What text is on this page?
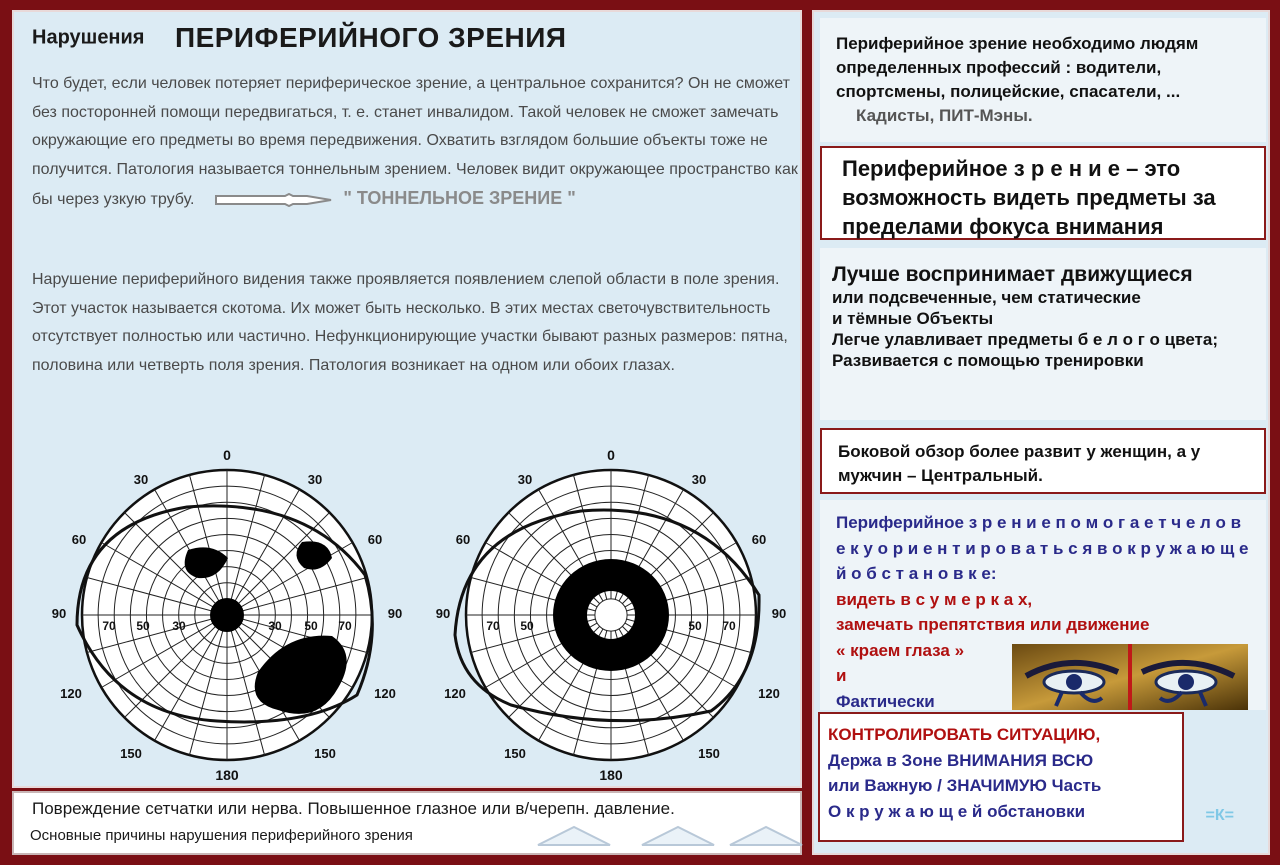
Нарушения ПЕРИФЕРИЙНОГО ЗРЕНИЯ
Что будет, если человек потеряет периферическое зрение, а центральное сохранится? Он не сможет без посторонней помощи передвигаться, т. е. станет инвалидом. Такой человек не сможет замечать окружающие его предметы во время передвижения. Охватить взглядом большие объекты тоже не получится. Патология называется тоннельным зрением. Человек видит окружающее пространство как бы через узкую трубу.	" ТОННЕЛЬНОЕ ЗРЕНИЕ "
Нарушение периферийного видения также проявляется появлением слепой области в поле зрения. Этот участок называется скотома. Их может быть несколько. В этих местах светочувствительность отсутствует полностью или частично. Нефункционирующие участки бывают разных размеров: пятна, половина или четверть поля зрения. Патология возникает на одном или обоих глазах.
0
30	30
60	60
90	90
120	120
150	150
180
30	30
50	50
70	70
0
30	30
60	60
90	90
120	120
150	150
180
50	50
70	70
Повреждение сетчатки или нерва. Повышенное глазное или в/черепн. давление.
Основные причины нарушения периферийного зрения
Периферийное зрение необходимо людям определенных профессий : водители, спортсмены, полицейские, спасатели, ... Кадисты, ПИТ-Мэны.
Периферийное з р е н и е – это возможность видеть предметы за пределами фокуса внимания
Лучше воспринимает движущиеся
или подсвеченные, чем статические
и тёмные Объекты
Легче улавливает предметы б е л о г о цвета;
Развивается с помощью тренировки
Боковой обзор более развит у женщин, а у мужчин – Центральный.
Периферийное з р е н и е п о м о г а е т ч е л о в е к у о р и е н т и р о в а т ь с я в о к р у ж а ю щ е й о б с т а н о в к е:
видеть в с у м е р к а х,
замечать препятствия или движение
« краем глаза »
и
Фактически
КОНТРОЛИРОВАТЬ СИТУАЦИЮ,
Держа в Зоне ВНИМАНИЯ ВСЮ
или Важную / ЗНАЧИМУЮ Часть
О к р у ж а ю щ е й обстановки	=К=
